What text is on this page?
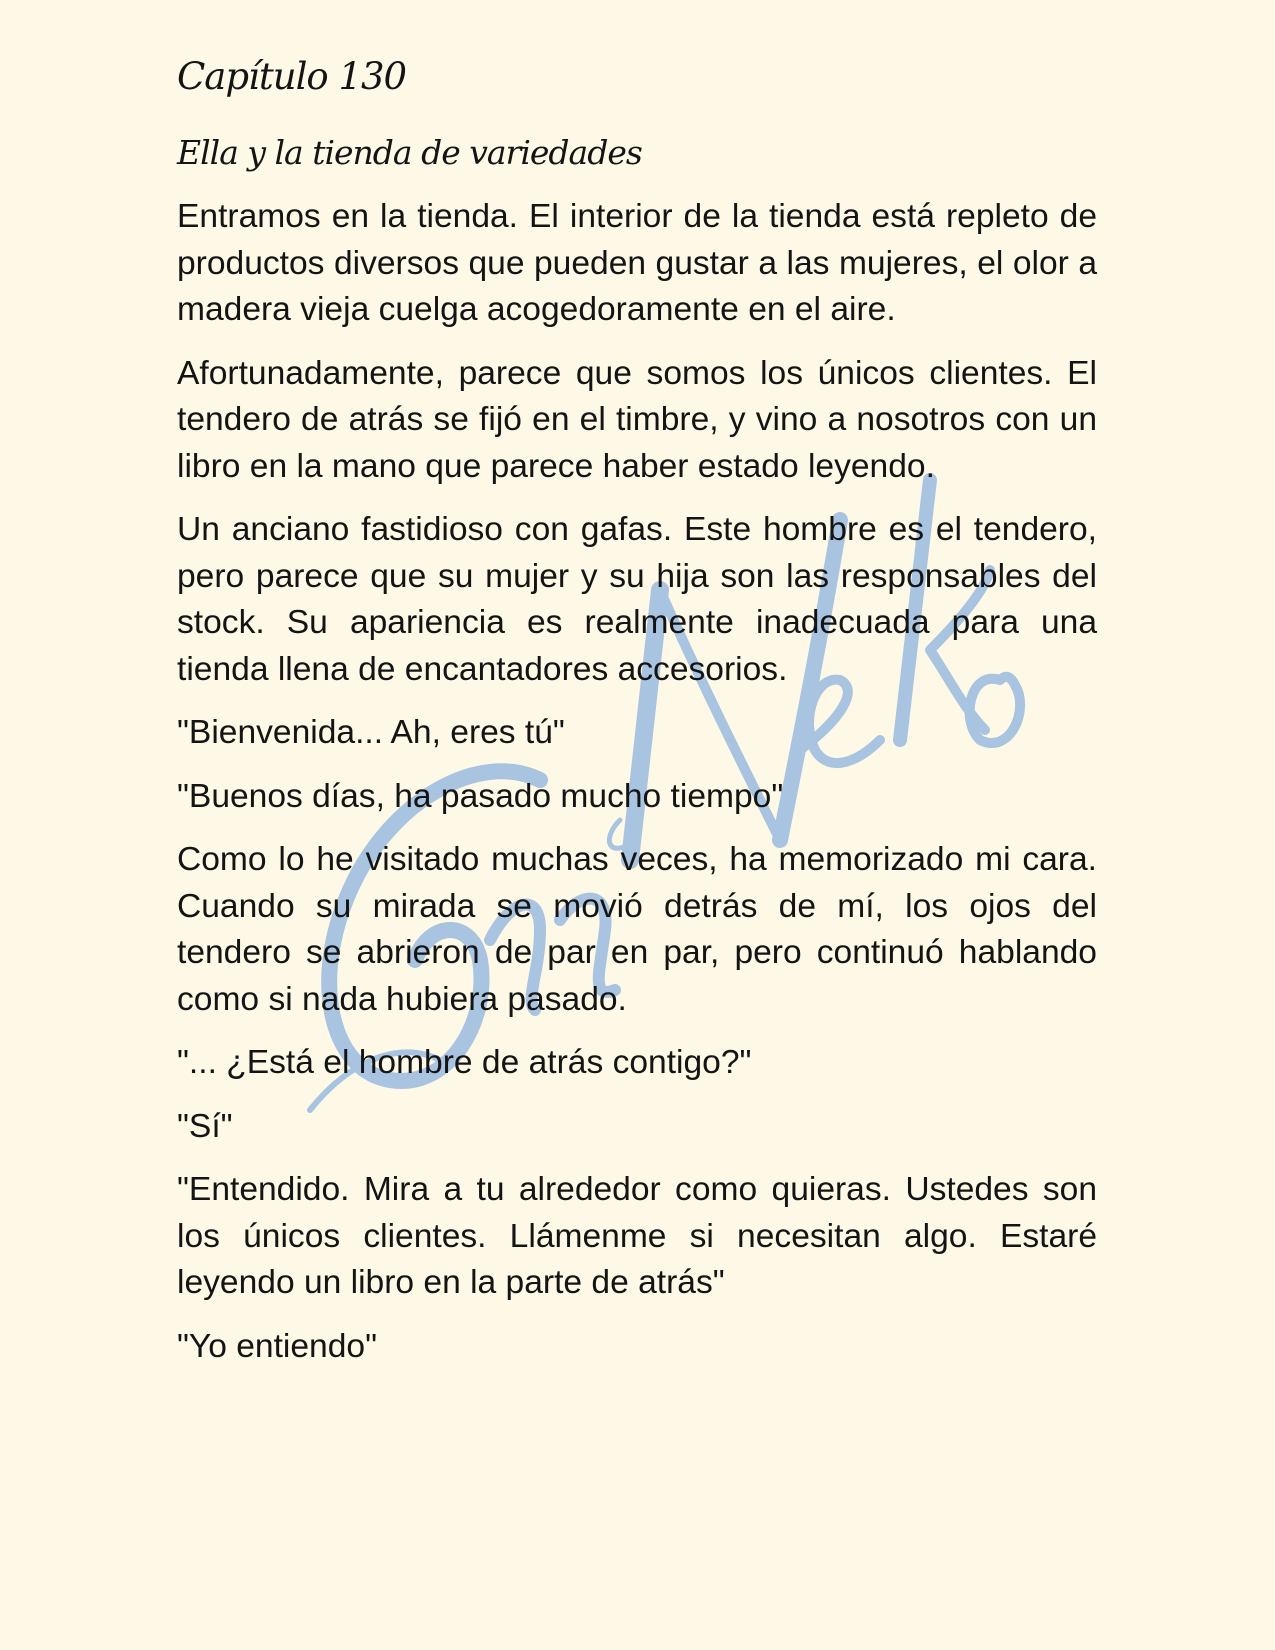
Capítulo 130
Ella y la tienda de variedades

Entramos en la tienda. El interior de la tienda está repleto de productos diversos que pueden gustar a las mujeres, el olor a madera vieja cuelga acogedoramente en el aire.

Afortunadamente, parece que somos los únicos clientes. El tendero de atrás se fijó en el timbre, y vino a nosotros con un libro en la mano que parece haber estado leyendo.

Un anciano fastidioso con gafas. Este hombre es el tendero, pero parece que su mujer y su hija son las responsables del stock. Su apariencia es realmente inadecuada para una tienda llena de encantadores accesorios.

"Bienvenida... Ah, eres tú"

"Buenos días, ha pasado mucho tiempo"

Como lo he visitado muchas veces, ha memorizado mi cara. Cuando su mirada se movió detrás de mí, los ojos del tendero se abrieron de par en par, pero continuó hablando como si nada hubiera pasado.

"... ¿Está el hombre de atrás contigo?"

"Sí"

"Entendido. Mira a tu alrededor como quieras. Ustedes son los únicos clientes. Llámenme si necesitan algo. Estaré leyendo un libro en la parte de atrás"

"Yo entiendo"
